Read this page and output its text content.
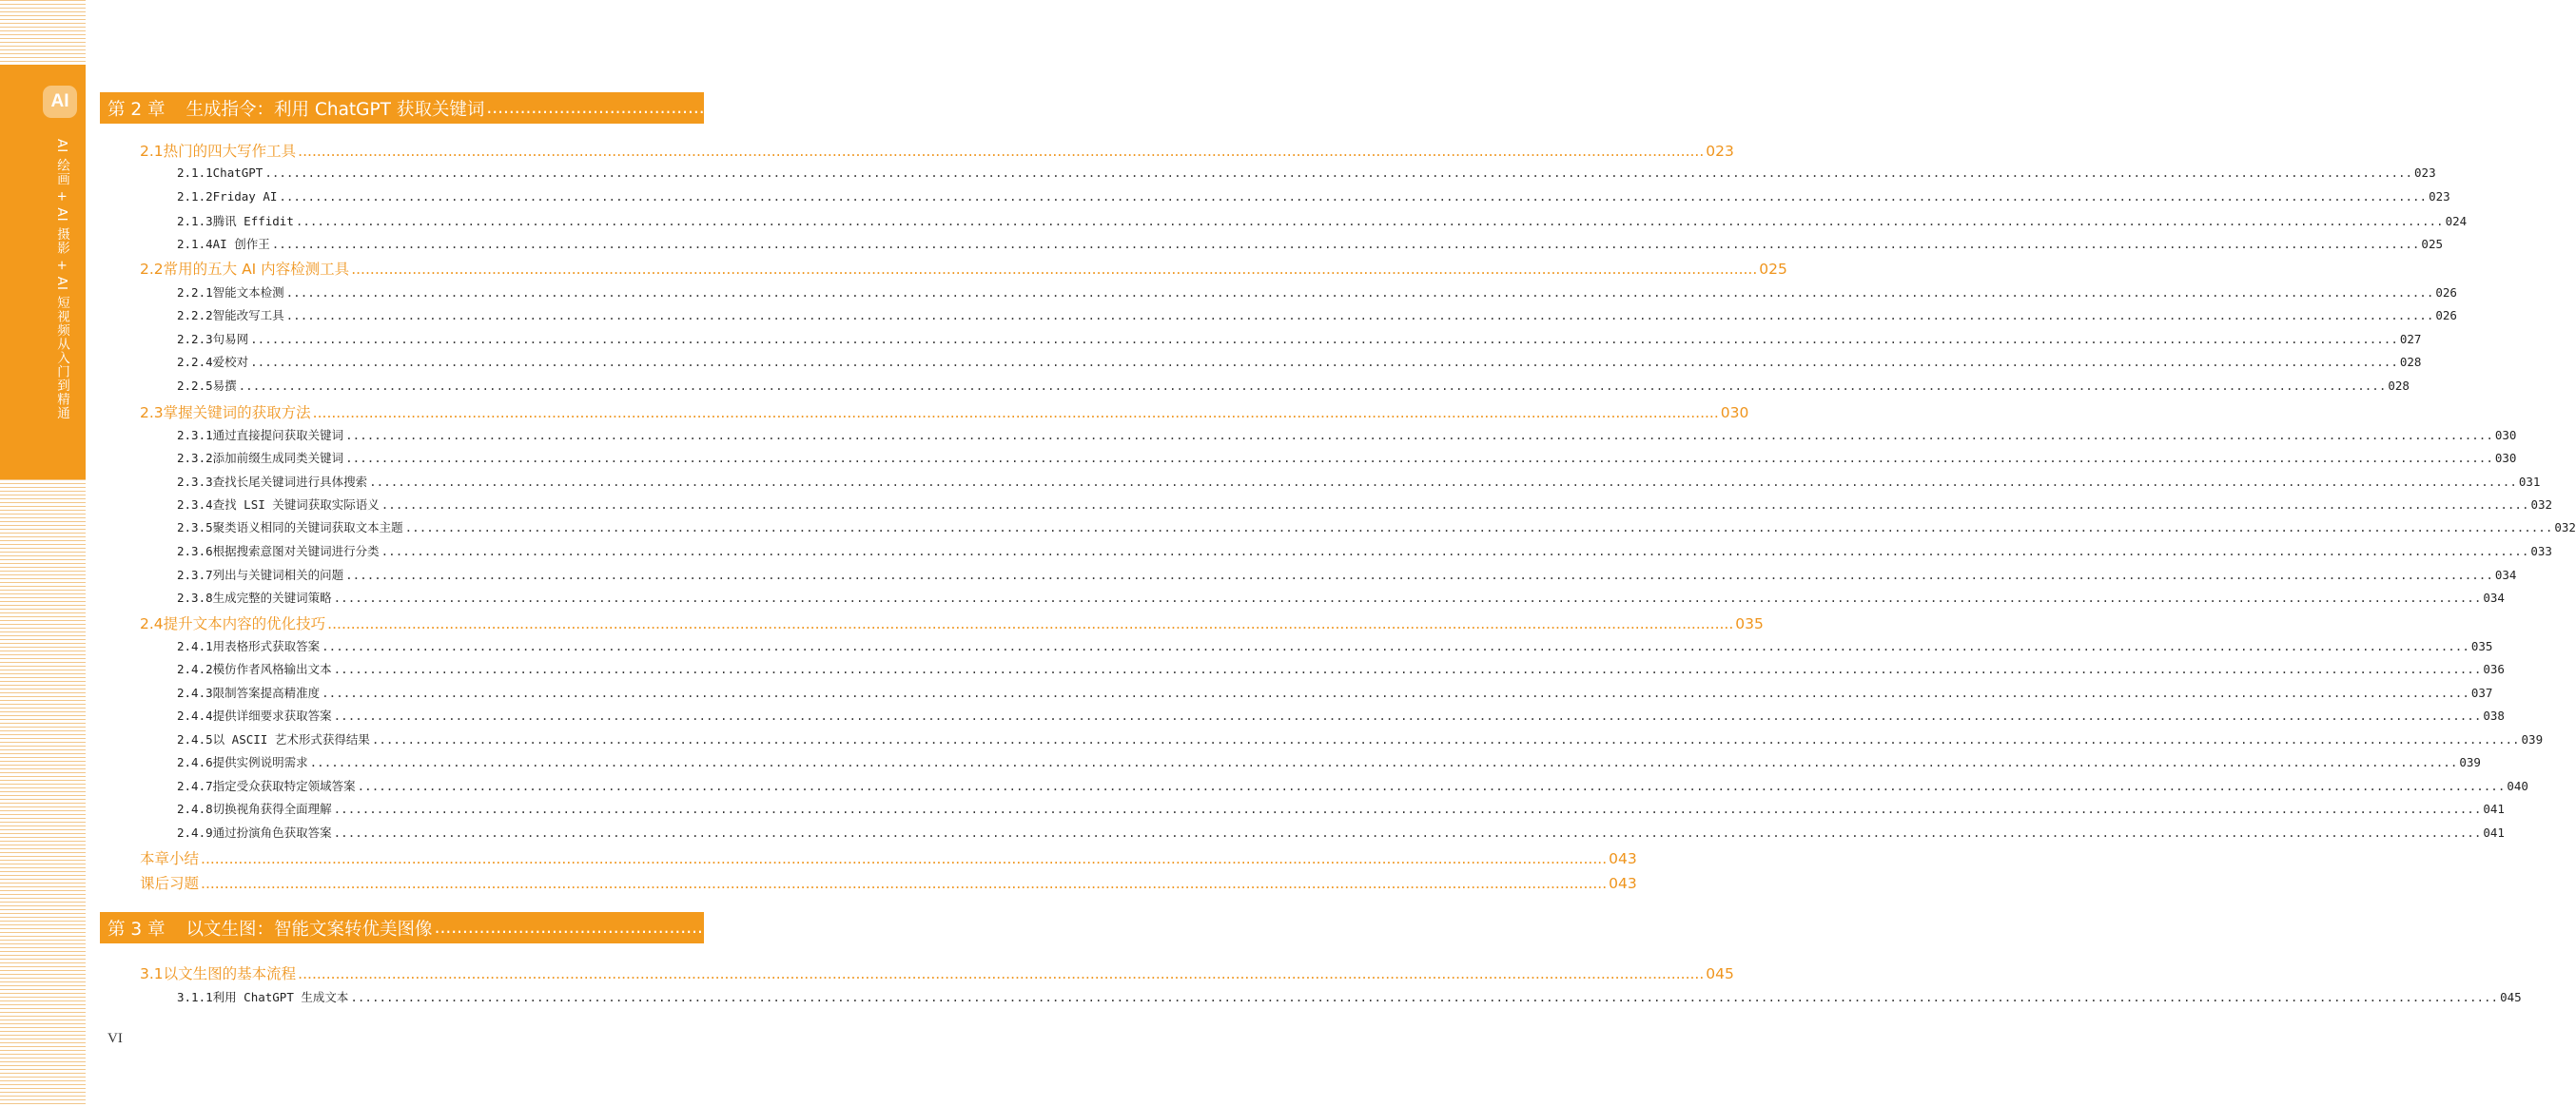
AI
AI 绘画 + AI 摄影 + AI 短视频从入门到精通
第 2 章 生成指令：利用 ChatGPT 获取关键词 ............................................................................................................................................................................................................................................................................................................ 022
2.1 热门的四大写作工具 ............................................................................................................................................................................................................................................................................................................ 023
2.1.1 ChatGPT ............................................................................................................................................................................................................................................................................................................ 023
2.1.2 Friday AI ............................................................................................................................................................................................................................................................................................................ 023
2.1.3 腾讯 Effidit ............................................................................................................................................................................................................................................................................................................ 024
2.1.4 AI 创作王 ............................................................................................................................................................................................................................................................................................................ 025
2.2 常用的五大 AI 内容检测工具 ............................................................................................................................................................................................................................................................................................................ 025
2.2.1 智能文本检测 ............................................................................................................................................................................................................................................................................................................ 026
2.2.2 智能改写工具 ............................................................................................................................................................................................................................................................................................................ 026
2.2.3 句易网 ............................................................................................................................................................................................................................................................................................................ 027
2.2.4 爱校对 ............................................................................................................................................................................................................................................................................................................ 028
2.2.5 易撰 ............................................................................................................................................................................................................................................................................................................ 028
2.3 掌握关键词的获取方法 ............................................................................................................................................................................................................................................................................................................ 030
2.3.1 通过直接提问获取关键词 ............................................................................................................................................................................................................................................................................................................ 030
2.3.2 添加前缀生成同类关键词 ............................................................................................................................................................................................................................................................................................................ 030
2.3.3 查找长尾关键词进行具体搜索 ............................................................................................................................................................................................................................................................................................................ 031
2.3.4 查找 LSI 关键词获取实际语义 ............................................................................................................................................................................................................................................................................................................ 032
2.3.5 聚类语义相同的关键词获取文本主题 ............................................................................................................................................................................................................................................................................................................ 032
2.3.6 根据搜索意图对关键词进行分类 ............................................................................................................................................................................................................................................................................................................ 033
2.3.7 列出与关键词相关的问题 ............................................................................................................................................................................................................................................................................................................ 034
2.3.8 生成完整的关键词策略 ............................................................................................................................................................................................................................................................................................................ 034
2.4 提升文本内容的优化技巧 ............................................................................................................................................................................................................................................................................................................ 035
2.4.1 用表格形式获取答案 ............................................................................................................................................................................................................................................................................................................ 035
2.4.2 模仿作者风格输出文本 ............................................................................................................................................................................................................................................................................................................ 036
2.4.3 限制答案提高精准度 ............................................................................................................................................................................................................................................................................................................ 037
2.4.4 提供详细要求获取答案 ............................................................................................................................................................................................................................................................................................................ 038
2.4.5 以 ASCII 艺术形式获得结果 ............................................................................................................................................................................................................................................................................................................ 039
2.4.6 提供实例说明需求 ............................................................................................................................................................................................................................................................................................................ 039
2.4.7 指定受众获取特定领域答案 ............................................................................................................................................................................................................................................................................................................ 040
2.4.8 切换视角获得全面理解 ............................................................................................................................................................................................................................................................................................................ 041
2.4.9 通过扮演角色获取答案 ............................................................................................................................................................................................................................................................................................................ 041
本章小结 ............................................................................................................................................................................................................................................................................................................ 043
课后习题 ............................................................................................................................................................................................................................................................................................................ 043
第 3 章 以文生图：智能文案转优美图像 ............................................................................................................................................................................................................................................................................................................ 044
3.1 以文生图的基本流程 ............................................................................................................................................................................................................................................................................................................ 045
3.1.1 利用 ChatGPT 生成文本 ............................................................................................................................................................................................................................................................................................................ 045
VI
